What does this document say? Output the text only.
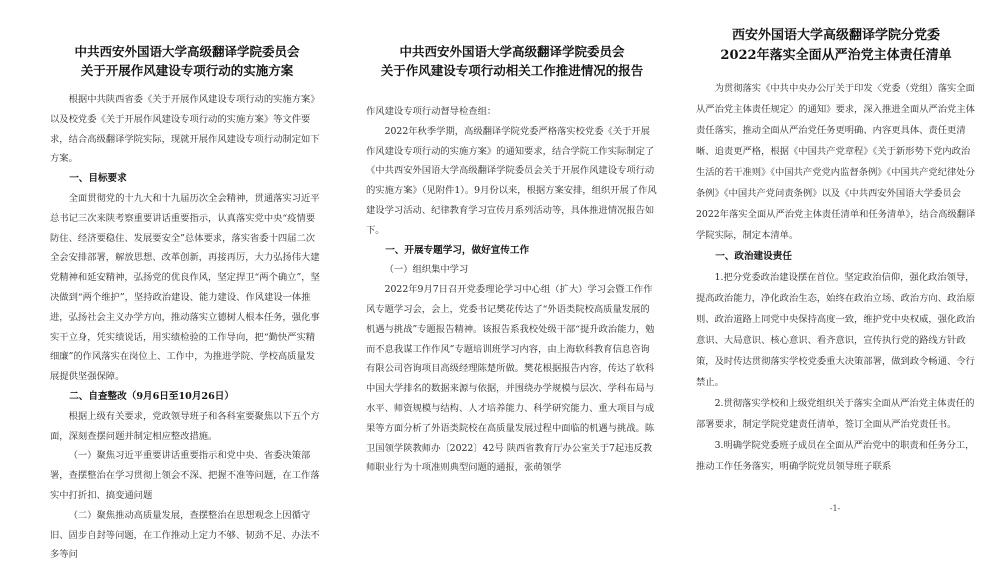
中共西安外国语大学高级翻译学院委员会
关于开展作风建设专项行动的实施方案
根据中共陕西省委《关于开展作风建设专项行动的实施方案》以及校党委《关于开展作风建设专项行动的实施方案》等文件要求，结合高级翻译学院实际，现就开展作风建设专项行动制定如下方案。
一、目标要求
全面贯彻党的十九大和十九届历次全会精神，贯通落实习近平总书记三次来陕考察重要讲话重要指示，认真落实党中央“疫情要防住、经济要稳住、发展要安全”总体要求，落实省委十四届二次全会安排部署，解放思想、改革创新，再接再厉，大力弘扬伟大建党精神和延安精神，弘扬党的优良作风，坚定捍卫“两个确立”，坚决做到“两个维护”，坚持政治建设、能力建设、作风建设一体推进，弘扬社会主义办学方向，推动落实立德树人根本任务，强化事实干立身，凭实绩说话，用实绩检验的工作导向，把“勤快严实精细廉”的作风落实在岗位上、工作中，为推进学院、学校高质量发展提供坚强保障。
二、自查整改（9月6日至10月26日）
根据上级有关要求，党政领导班子和各科室要聚焦以下五个方面，深刻查摆问题并制定相应整改措施。
（一）聚焦习近平重要讲话重要指示和党中央、省委决策部署，查摆整治在学习贯彻上领会不深、把握不准等问题，在工作落实中打折扣、搞变通问题
（二）聚焦推动高质量发展，查摆整治在思想观念上因循守旧、固步自封等问题，在工作推动上定力不够、韧劲不足、办法不多等问
中共西安外国语大学高级翻译学院委员会
关于作风建设专项行动相关工作推进情况的报告
作风建设专项行动督导检查组：
2022年秋季学期，高级翻译学院党委严格落实校党委《关于开展作风建设专项行动的实施方案》的通知要求，结合学院工作实际制定了《中共西安外国语大学高级翻译学院委员会关于开展作风建设专项行动的实施方案》（见附件1）。9月份以来，根据方案安排，组织开展了作风建设学习活动、纪律教育学习宣传月系列活动等，具体推进情况报告如下。
一、开展专题学习，做好宣传工作
（一）组织集中学习
2022年9月7日召开党委理论学习中心组（扩大）学习会暨工作作风专题学习会，会上，党委书记樊花传达了“外语类院校高质量发展的机遇与挑战”专题报告精神。该报告系我校处级干部“提升政治能力，勉而不息我谋工作作风”专题培训班学习内容，由上海软科教育信息咨询有限公司咨询项目高级经理陈楚所做。樊花根据报告内容，传达了软科中国大学排名的数据来源与依据，并围绕办学规模与层次、学科布局与水平、师资规模与结构、人才培养能力、科学研究能力、重大项目与成果等方面分析了外语类院校在高质量发展过程中面临的机遇与挑战。陈卫国领学陕教师办〔2022〕42号 陕西省教育厅办公室关于7起违反教师职业行为十项准则典型问题的通报，张萌领学
西安外国语大学高级翻译学院分党委
2022年落实全面从严治党主体责任清单
为贯彻落实《中共中央办公厅关于印发〈党委（党组）落实全面从严治党主体责任规定〉的通知》要求，深入推进全面从严治党主体责任落实，推动全面从严治党任务更明确、内容更具体、责任更清晰、追责更严格，根据《中国共产党章程》《关于新形势下党内政治生活的若干准则》《中国共产党党内监督条例》《中国共产党纪律处分条例》《中国共产党问责条例》以及《中共西安外国语大学委员会2022年落实全面从严治党主体责任清单和任务清单》，结合高级翻译学院实际，制定本清单。
一、政治建设责任
1.把分党委政治建设摆在首位。坚定政治信仰，强化政治领导，提高政治能力，净化政治生态，始终在政治立场、政治方向、政治原则、政治道路上同党中央保持高度一致，维护党中央权威，强化政治意识、大局意识、核心意识、看齐意识，宣传执行党的路线方针政策，及时传达贯彻落实学校党委重大决策部署，做到政令畅通、令行禁止。
2.贯彻落实学校和上级党组织关于落实全面从严治党主体责任的部署要求，制定学院党建责任清单，签订全面从严治党责任书。
3.明确学院党委班子成员在全面从严治党中的职责和任务分工，推动工作任务落实，明确学院党员领导班子联系
-1-
